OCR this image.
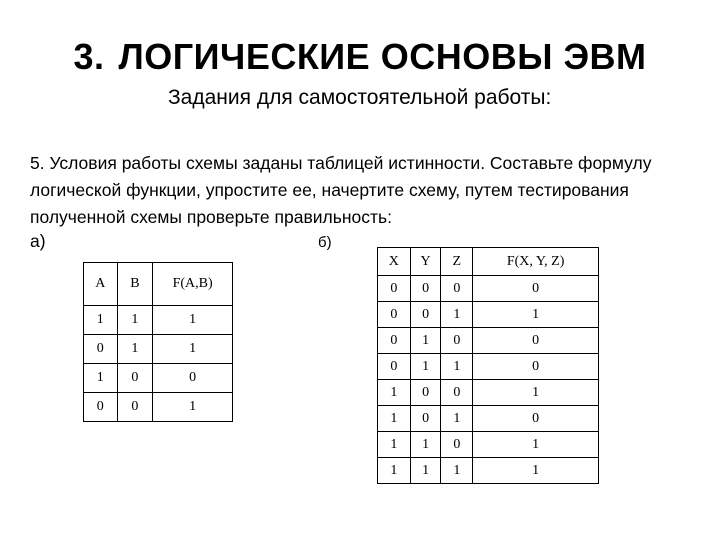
3. ЛОГИЧЕСКИЕ ОСНОВЫ ЭВМ
Задания для самостоятельной работы:
5. Условия работы схемы заданы таблицей истинности. Составьте формулу логической функции, упростите ее, начертите схему, путем тестирования полученной схемы проверьте правильность:
а)	б)
A	B	F(A,B)
1	1	1
0	1	1
1	0	0
0	0	1
X	Y	Z	F(X, Y, Z)
0	0	0	0
0	0	1	1
0	1	0	0
0	1	1	0
1	0	0	1
1	0	1	0
1	1	0	1
1	1	1	1
